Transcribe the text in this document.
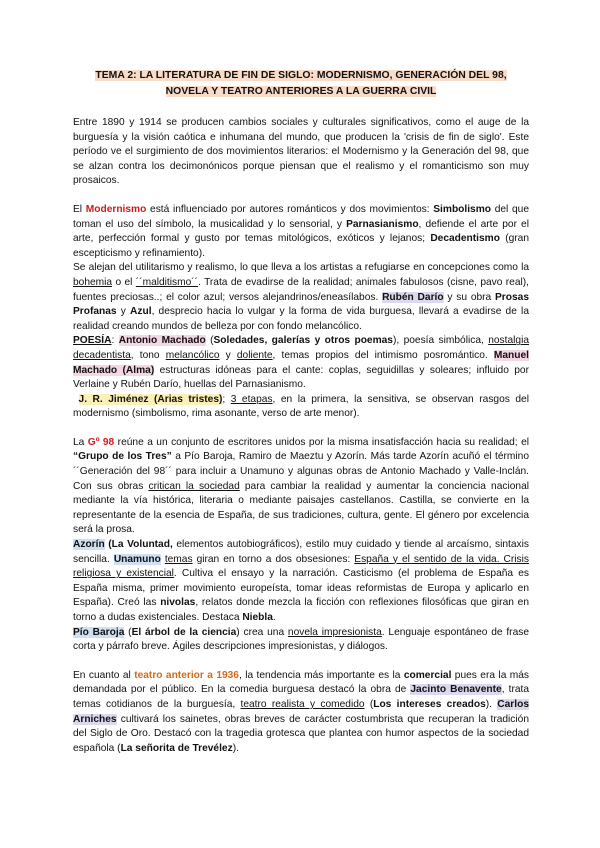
TEMA 2: LA LITERATURA DE FIN DE SIGLO: MODERNISMO, GENERACIÓN DEL 98,
NOVELA Y TEATRO ANTERIORES A LA GUERRA CIVIL

Entre 1890 y 1914 se producen cambios sociales y culturales significativos, como el auge de la burguesía y la visión caótica e inhumana del mundo, que producen la 'crisis de fin de siglo'. Este período ve el surgimiento de dos movimientos literarios: el Modernismo y la Generación del 98, que se alzan contra los decimonónicos porque piensan que el realismo y el romanticismo son muy prosaicos.

El Modernismo está influenciado por autores románticos y dos movimientos: Simbolismo del que toman el uso del símbolo, la musicalidad y lo sensorial, y Parnasianismo, defiende el arte por el arte, perfección formal y gusto por temas mitológicos, exóticos y lejanos; Decadentismo (gran escepticismo y refinamiento).

Se alejan del utilitarismo y realismo, lo que lleva a los artistas a refugiarse en concepciones como la bohemia o el ´´malditismo´´. Trata de evadirse de la realidad; animales fabulosos (cisne, pavo real), fuentes preciosas..; el color azul; versos alejandrinos/eneasílabos. Rubén Darío y su obra Prosas Profanas y Azul, desprecio hacia lo vulgar y la forma de vida burguesa, llevará a evadirse de la realidad creando mundos de belleza por con fondo melancólico.

POESÍA: Antonio Machado (Soledades, galerías y otros poemas), poesía simbólica, nostalgia decadentista, tono melancólico y doliente, temas propios del intimismo posromántico. Manuel Machado (Alma) estructuras idóneas para el cante: coplas, seguidillas y soleares; influido por Verlaine y Rubén Darío, huellas del Parnasianismo.

J. R. Jiménez (Arias tristes); 3 etapas, en la primera, la sensitiva, se observan rasgos del modernismo (simbolismo, rima asonante, verso de arte menor).

La Gº 98 reúne a un conjunto de escritores unidos por la misma insatisfacción hacia su realidad; el “Grupo de los Tres” a Pío Baroja, Ramiro de Maeztu y Azorín. Más tarde Azorín acuñó el término ´´Generación del 98´´ para incluir a Unamuno y algunas obras de Antonio Machado y Valle-Inclán. Con sus obras critican la sociedad para cambiar la realidad y aumentar la conciencia nacional mediante la vía histórica, literaria o mediante paisajes castellanos. Castilla, se convierte en la representante de la esencia de España, de sus tradiciones, cultura, gente. El género por excelencia será la prosa.

Azorín (La Voluntad, elementos autobiográficos), estilo muy cuidado y tiende al arcaísmo, sintaxis sencilla. Unamuno temas giran en torno a dos obsesiones: España y el sentido de la vida. Crisis religiosa y existencial. Cultiva el ensayo y la narración. Casticismo (el problema de España es España misma, primer movimiento europeísta, tomar ideas reformistas de Europa y aplicarlo en España). Creó las nivolas, relatos donde mezcla la ficción con reflexiones filosóficas que giran en torno a dudas existenciales. Destaca Niebla.

Pío Baroja (El árbol de la ciencia) crea una novela impresionista. Lenguaje espontáneo de frase corta y párrafo breve. Ágiles descripciones impresionistas, y diálogos.

En cuanto al teatro anterior a 1936, la tendencia más importante es la comercial pues era la más demandada por el público. En la comedia burguesa destacó la obra de Jacinto Benavente, trata temas cotidianos de la burguesía, teatro realista y comedido (Los intereses creados). Carlos Arniches cultivará los sainetes, obras breves de carácter costumbrista que recuperan la tradición del Siglo de Oro. Destacó con la tragedia grotesca que plantea con humor aspectos de la sociedad española (La señorita de Trevélez).
